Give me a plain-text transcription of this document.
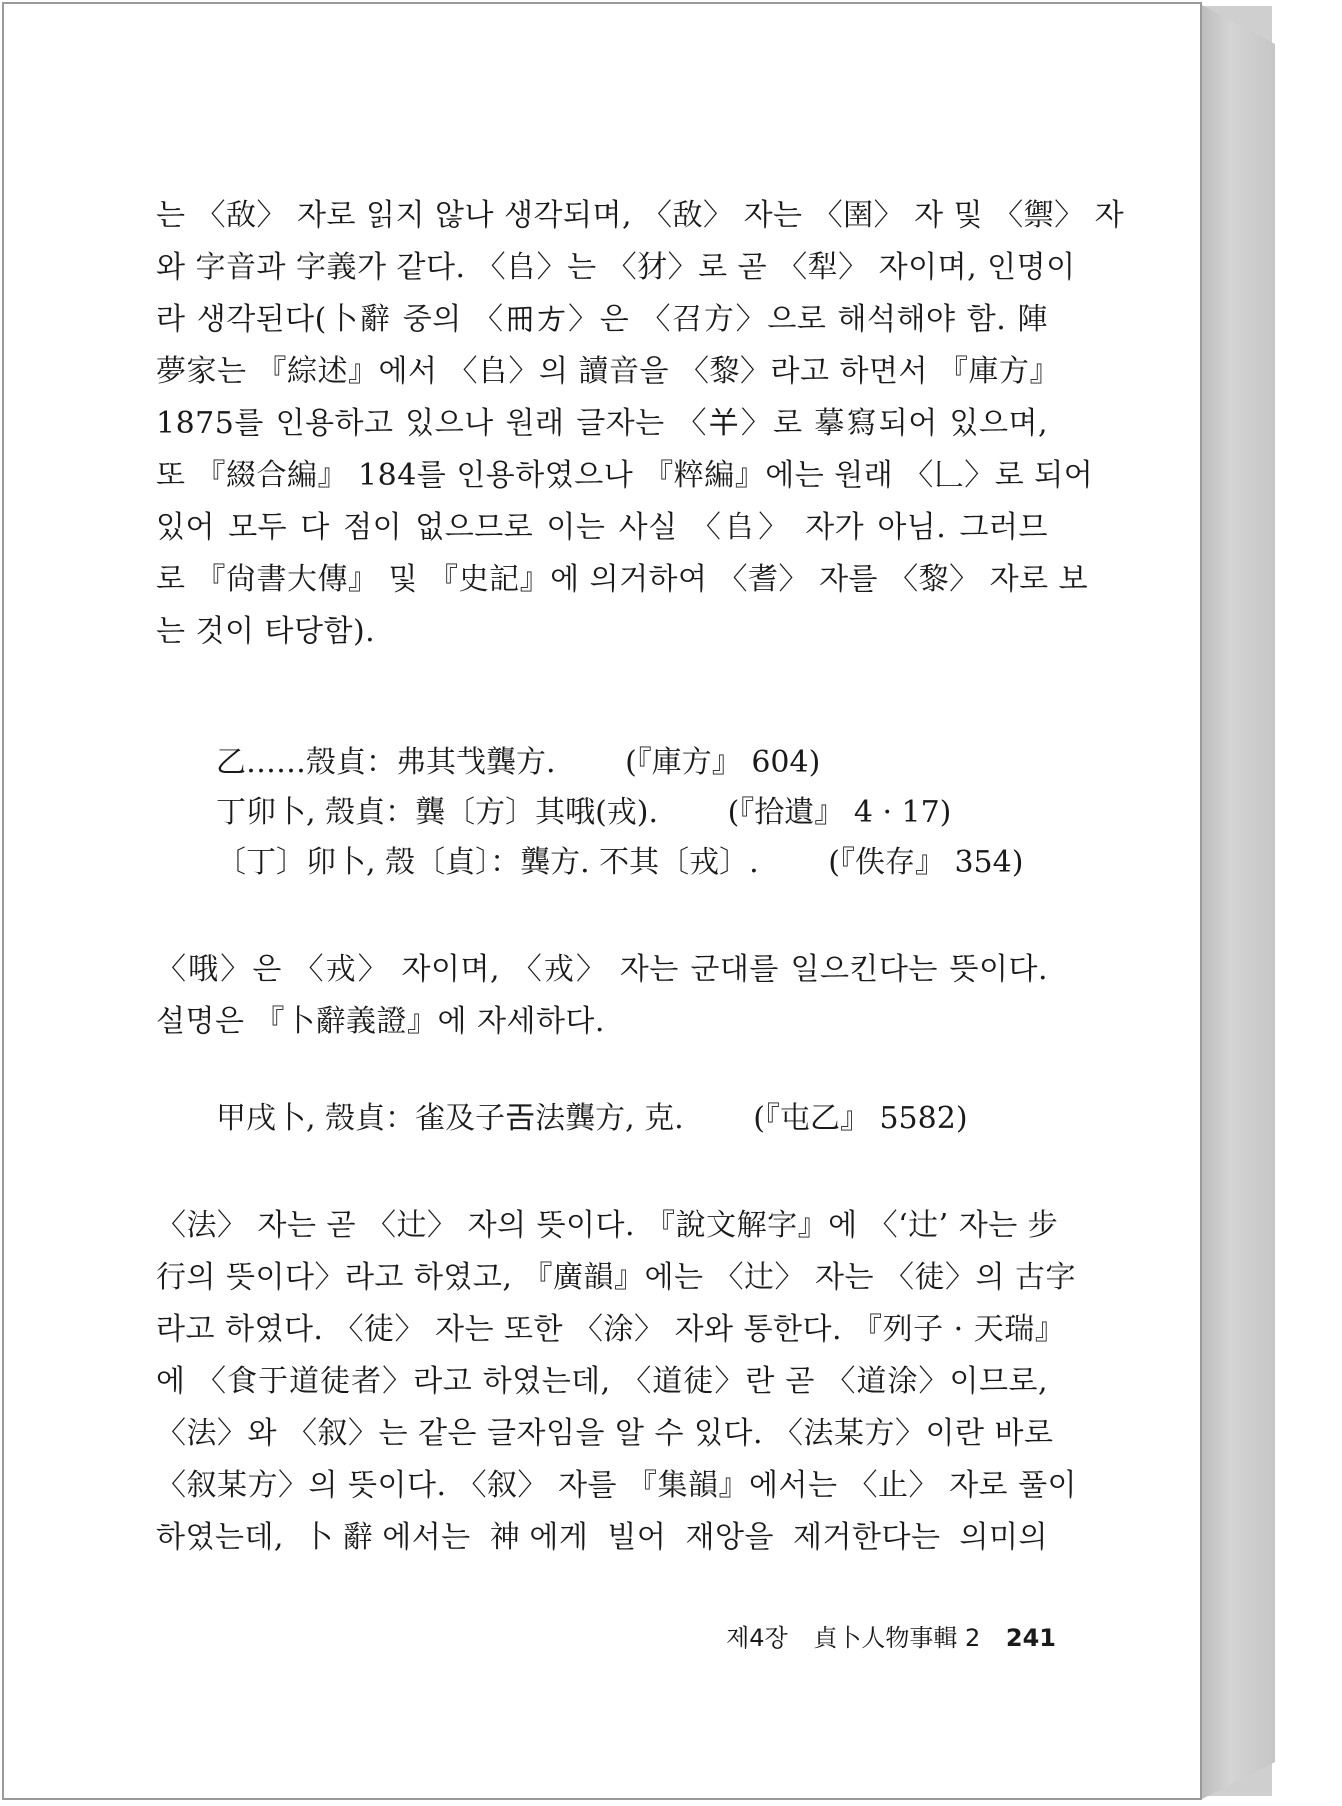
는 〈敌〉 자로 읽지 않나 생각되며, 〈敌〉 자는 〈圉〉 자 및 〈禦〉 자
와 字音과 字義가 같다. 〈𠂤〉는 〈犲〉로 곧 〈犁〉 자이며, 인명이
라 생각된다(卜辭 중의 〈𠕁方〉은 〈召方〉으로 해석해야 함. 陣
夢家는 『綜述』에서 〈𠂤〉의 讀音을 〈黎〉라고 하면서 『庫方』
1875를 인용하고 있으나 원래 글자는 〈𢆉〉로 摹寫되어 있으며,
또 『綴合編』 184를 인용하였으나 『粹編』에는 원래 〈𠃊〉로 되어
있어 모두 다 점이 없으므로 이는 사실 〈𠂤〉 자가 아님. 그러므
로 『尙書大傳』 및 『史記』에 의거하여 〈耆〉 자를 〈黎〉 자로 보
는 것이 타당함).
乙……殼貞：弗其𢦏龔方. (『庫方』 604)
丁卯卜, 殼貞：龔〔方〕其哦(戎). (『拾遺』 4 · 17)
〔丁〕卯卜, 殼〔貞〕：龔方. 不其〔戎〕. (『佚存』 354)
〈哦〉은 〈戎〉 자이며, 〈戎〉 자는 군대를 일으킨다는 뜻이다.
설명은 『卜辭義證』에 자세하다.
甲戌卜, 殼貞：雀及子𢀛法龔方, 克. (『屯乙』 5582)
〈法〉 자는 곧 〈辻〉 자의 뜻이다. 『說文解字』에 〈‘辻’ 자는 步
行의 뜻이다〉라고 하였고, 『廣韻』에는 〈辻〉 자는 〈徒〉의 古字
라고 하였다. 〈徒〉 자는 또한 〈涂〉 자와 통한다. 『列子 · 天瑞』
에 〈食于道徒者〉라고 하였는데, 〈道徒〉란 곧 〈道涂〉이므로,
〈法〉와 〈叙〉는 같은 글자임을 알 수 있다. 〈法某方〉이란 바로
〈叙某方〉의 뜻이다. 〈叙〉 자를 『集韻』에서는 〈止〉 자로 풀이
하였는데, 卜辭에서는 神에게 빌어 재앙을 제거한다는 의미의
제4장 貞卜人物事輯 2 241
